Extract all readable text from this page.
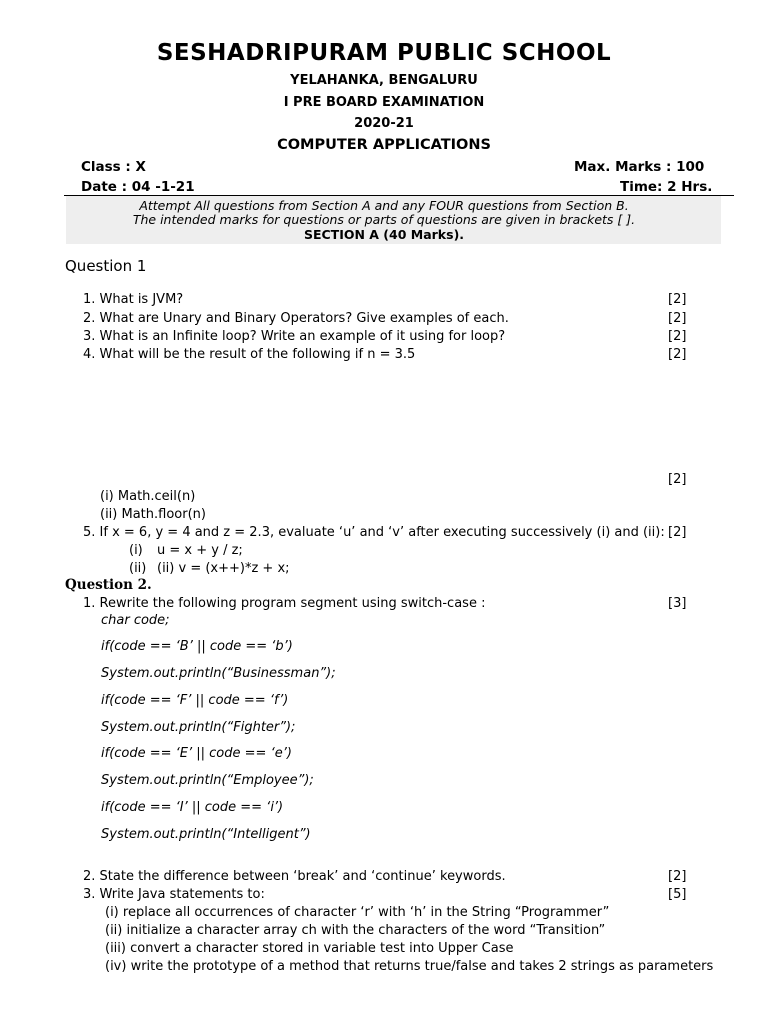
SESHADRIPURAM PUBLIC SCHOOL
YELAHANKA, BENGALURU
I PRE BOARD EXAMINATION
2020-21
COMPUTER APPLICATIONS
Class : X	Max. Marks : 100
Date : 04 -1-21	Time: 2 Hrs.
Attempt All questions from Section A and any FOUR questions from Section B.
The intended marks for questions or parts of questions are given in brackets [ ].
SECTION A (40 Marks).
Question 1
1. What is JVM?	[2]
2. What are Unary and Binary Operators? Give examples of each.	[2]
3. What is an Infinite loop? Write an example of it using for loop?	[2]
4. What will be the result of the following if n = 3.5	[2]
[2]
(i) Math.ceil(n)
(ii) Math.floor(n)
5. If x = 6, y = 4 and z = 2.3, evaluate ‘u’ and ‘v’ after executing successively (i) and (ii): [2]
(i) u = x + y / z;
(ii) (ii) v = (x++)*z + x;
Question 2.
1. Rewrite the following program segment using switch-case :	[3]
char code;
if(code == ‘B’ || code == ‘b’)
System.out.println(“Businessman”);
if(code == ‘F’ || code == ‘f’)
System.out.println(“Fighter”);
if(code == ‘E’ || code == ‘e’)
System.out.println(“Employee”);
if(code == ‘I’ || code == ‘i’)
System.out.println(“Intelligent”)
2. State the difference between ‘break’ and ‘continue’ keywords.	[2]
3. Write Java statements to:	[5]
(i) replace all occurrences of character ‘r’ with ‘h’ in the String “Programmer”
(ii) initialize a character array ch with the characters of the word “Transition”
(iii) convert a character stored in variable test into Upper Case
(iv) write the prototype of a method that returns true/false and takes 2 strings as parameters
